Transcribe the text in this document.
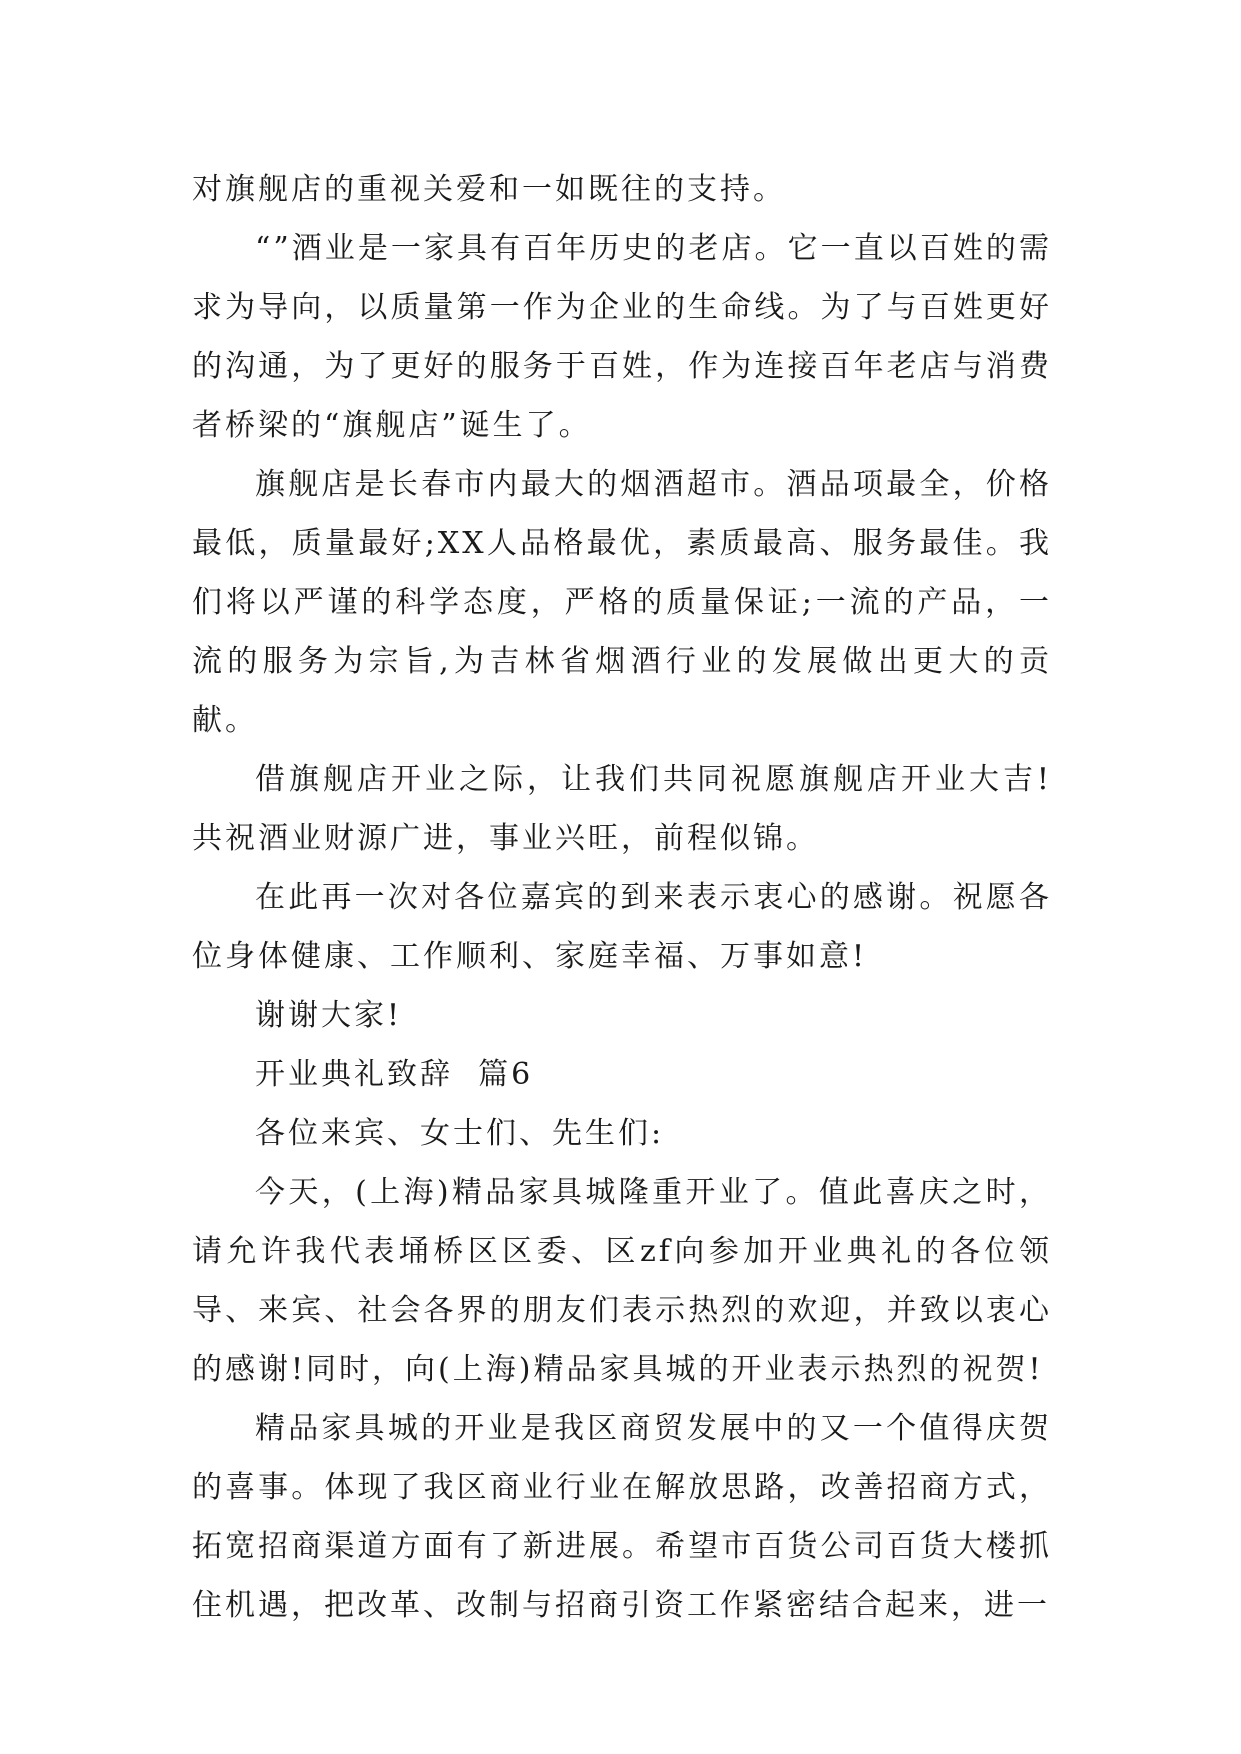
对旗舰店的重视关爱和一如既往的支持。

“”酒业是一家具有百年历史的老店。它一直以百姓的需求为导向，以质量第一作为企业的生命线。为了与百姓更好的沟通，为了更好的服务于百姓，作为连接百年老店与消费者桥梁的“旗舰店”诞生了。

旗舰店是长春市内最大的烟酒超市。酒品项最全，价格最低，质量最好;XX人品格最优，素质最高、服务最佳。我们将以严谨的科学态度，严格的质量保证;一流的产品，一流的服务为宗旨,为吉林省烟酒行业的发展做出更大的贡献。

借旗舰店开业之际，让我们共同祝愿旗舰店开业大吉!共祝酒业财源广进，事业兴旺，前程似锦。

在此再一次对各位嘉宾的到来表示衷心的感谢。祝愿各位身体健康、工作顺利、家庭幸福、万事如意!

谢谢大家!

开业典礼致辞  篇6

各位来宾、女士们、先生们:

今天，(上海)精品家具城隆重开业了。值此喜庆之时，请允许我代表埇桥区区委、区zf向参加开业典礼的各位领导、来宾、社会各界的朋友们表示热烈的欢迎，并致以衷心的感谢!同时，向(上海)精品家具城的开业表示热烈的祝贺!

精品家具城的开业是我区商贸发展中的又一个值得庆贺的喜事。体现了我区商业行业在解放思路，改善招商方式，拓宽招商渠道方面有了新进展。希望市百货公司百货大楼抓住机遇，把改革、改制与招商引资工作紧密结合起来，进一
